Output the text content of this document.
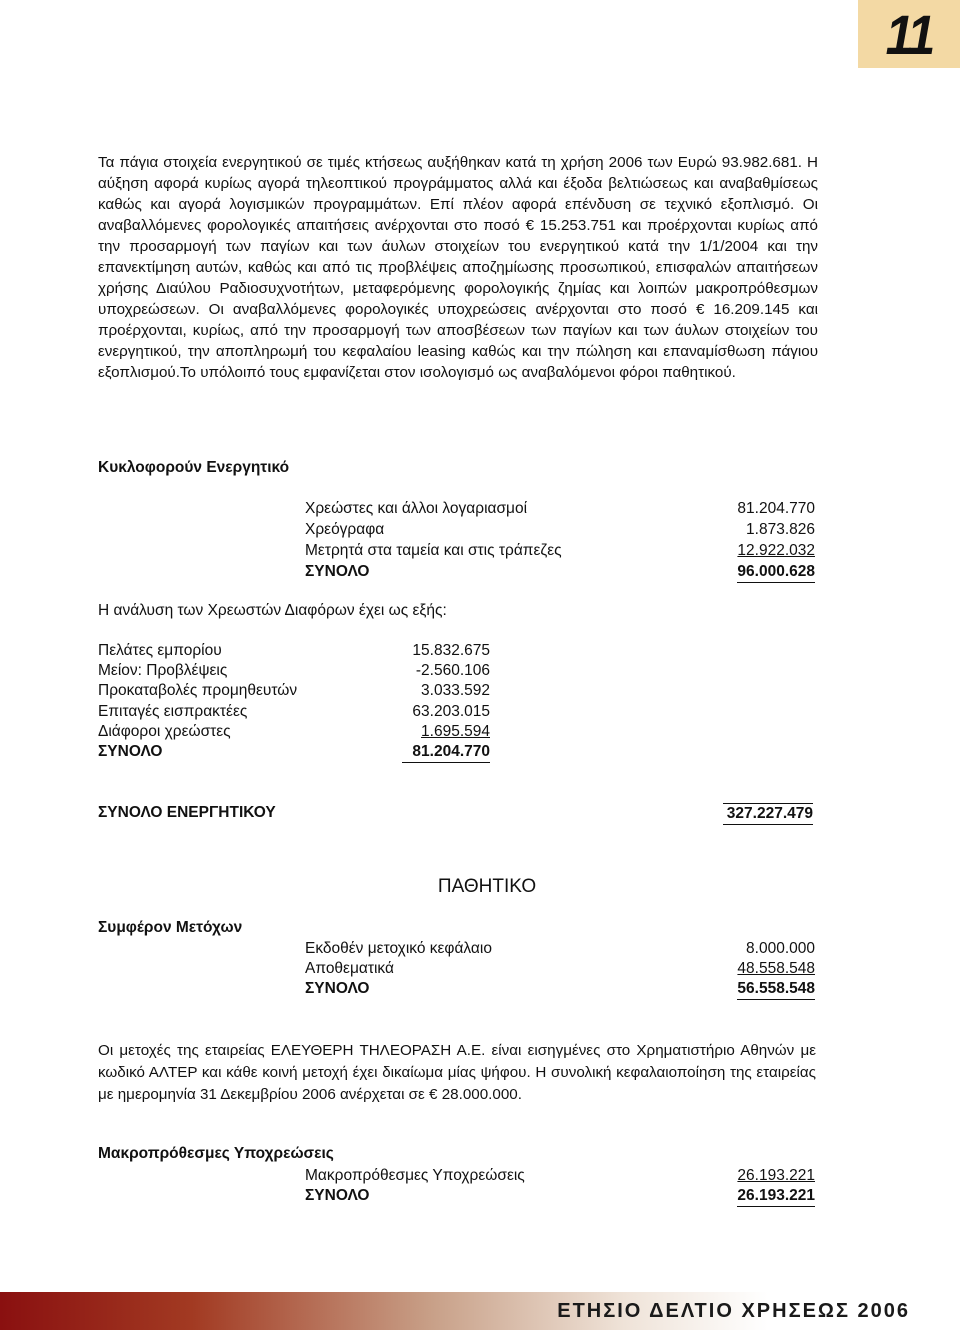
11

Τα πάγια στοιχεία ενεργητικού σε τιμές κτήσεως αυξήθηκαν κατά τη χρήση 2006 των Ευρώ 93.982.681. Η αύξηση αφορά κυρίως αγορά τηλεοπτικού προγράμματος αλλά και έξοδα βελτιώσεως και αναβαθμίσεως καθώς και αγορά λογισμικών προγραμμάτων. Επί πλέον αφορά επένδυση σε τεχνικό εξοπλισμό. Οι αναβαλλόμενες φορολογικές απαιτήσεις ανέρχονται στο ποσό € 15.253.751 και προέρχονται κυρίως από την προσαρμογή των παγίων και των άυλων στοιχείων του ενεργητικού κατά την 1/1/2004 και την επανεκτίμηση αυτών, καθώς και από τις προβλέψεις αποζημίωσης προσωπικού, επισφαλών απαιτήσεων χρήσης Διαύλου Ραδιοσυχνοτήτων, μεταφερόμενης φορολογικής ζημίας και λοιπών μακροπρόθεσμων υποχρεώσεων. Οι αναβαλλόμενες φορολογικές υποχρεώσεις ανέρχονται στο ποσό € 16.209.145 και προέρχονται, κυρίως, από την προσαρμογή των αποσβέσεων των παγίων και των άυλων στοιχείων του ενεργητικού, την αποπληρωμή του κεφαλαίου leasing καθώς και την πώληση και επαναμίσθωση πάγιου εξοπλισμού.Το υπόλοιπό τους εμφανίζεται στον ισολογισμό ως αναβαλόμενοι φόροι παθητικού.

Κυκλοφορούν Ενεργητικό

Χρεώστες και άλλοι λογαριασμοί	81.204.770
Χρεόγραφα	1.873.826
Μετρητά στα ταμεία και στις τράπεζες	12.922.032
ΣΥΝΟΛΟ	96.000.628

Η ανάλυση των Χρεωστών Διαφόρων έχει ως εξής:

Πελάτες εμπορίου	15.832.675
Μείον: Προβλέψεις	-2.560.106
Προκαταβολές προμηθευτών	3.033.592
Επιταγές εισπρακτέες	63.203.015
Διάφοροι χρεώστες	1.695.594
ΣΥΝΟΛΟ	81.204.770
ΣΥΝΟΛΟ ΕΝΕΡΓΗΤΙΚΟΥ	327.227.479

ΠΑΘΗΤΙΚΟ

Συμφέρον Μετόχων

Εκδοθέν μετοχικό κεφάλαιο	8.000.000
Αποθεματικά	48.558.548
ΣΥΝΟΛΟ	56.558.548

Οι μετοχές της εταιρείας ΕΛΕΥΘΕΡΗ ΤΗΛΕΟΡΑΣΗ Α.Ε. είναι εισηγμένες στο Χρηματιστήριο Αθηνών με κωδικό ΑΛΤΕΡ και κάθε κοινή μετοχή έχει δικαίωμα μίας ψήφου. Η συνολική κεφαλαιοποίηση της εταιρείας με ημερομηνία 31 Δεκεμβρίου 2006 ανέρχεται σε € 28.000.000.

Μακροπρόθεσμες Υποχρεώσεις

Μακροπρόθεσμες Υποχρεώσεις	26.193.221
ΣΥΝΟΛΟ	26.193.221
ΕΤΗΣΙΟ ΔΕΛΤΙΟ ΧΡΗΣΕΩΣ 2006
